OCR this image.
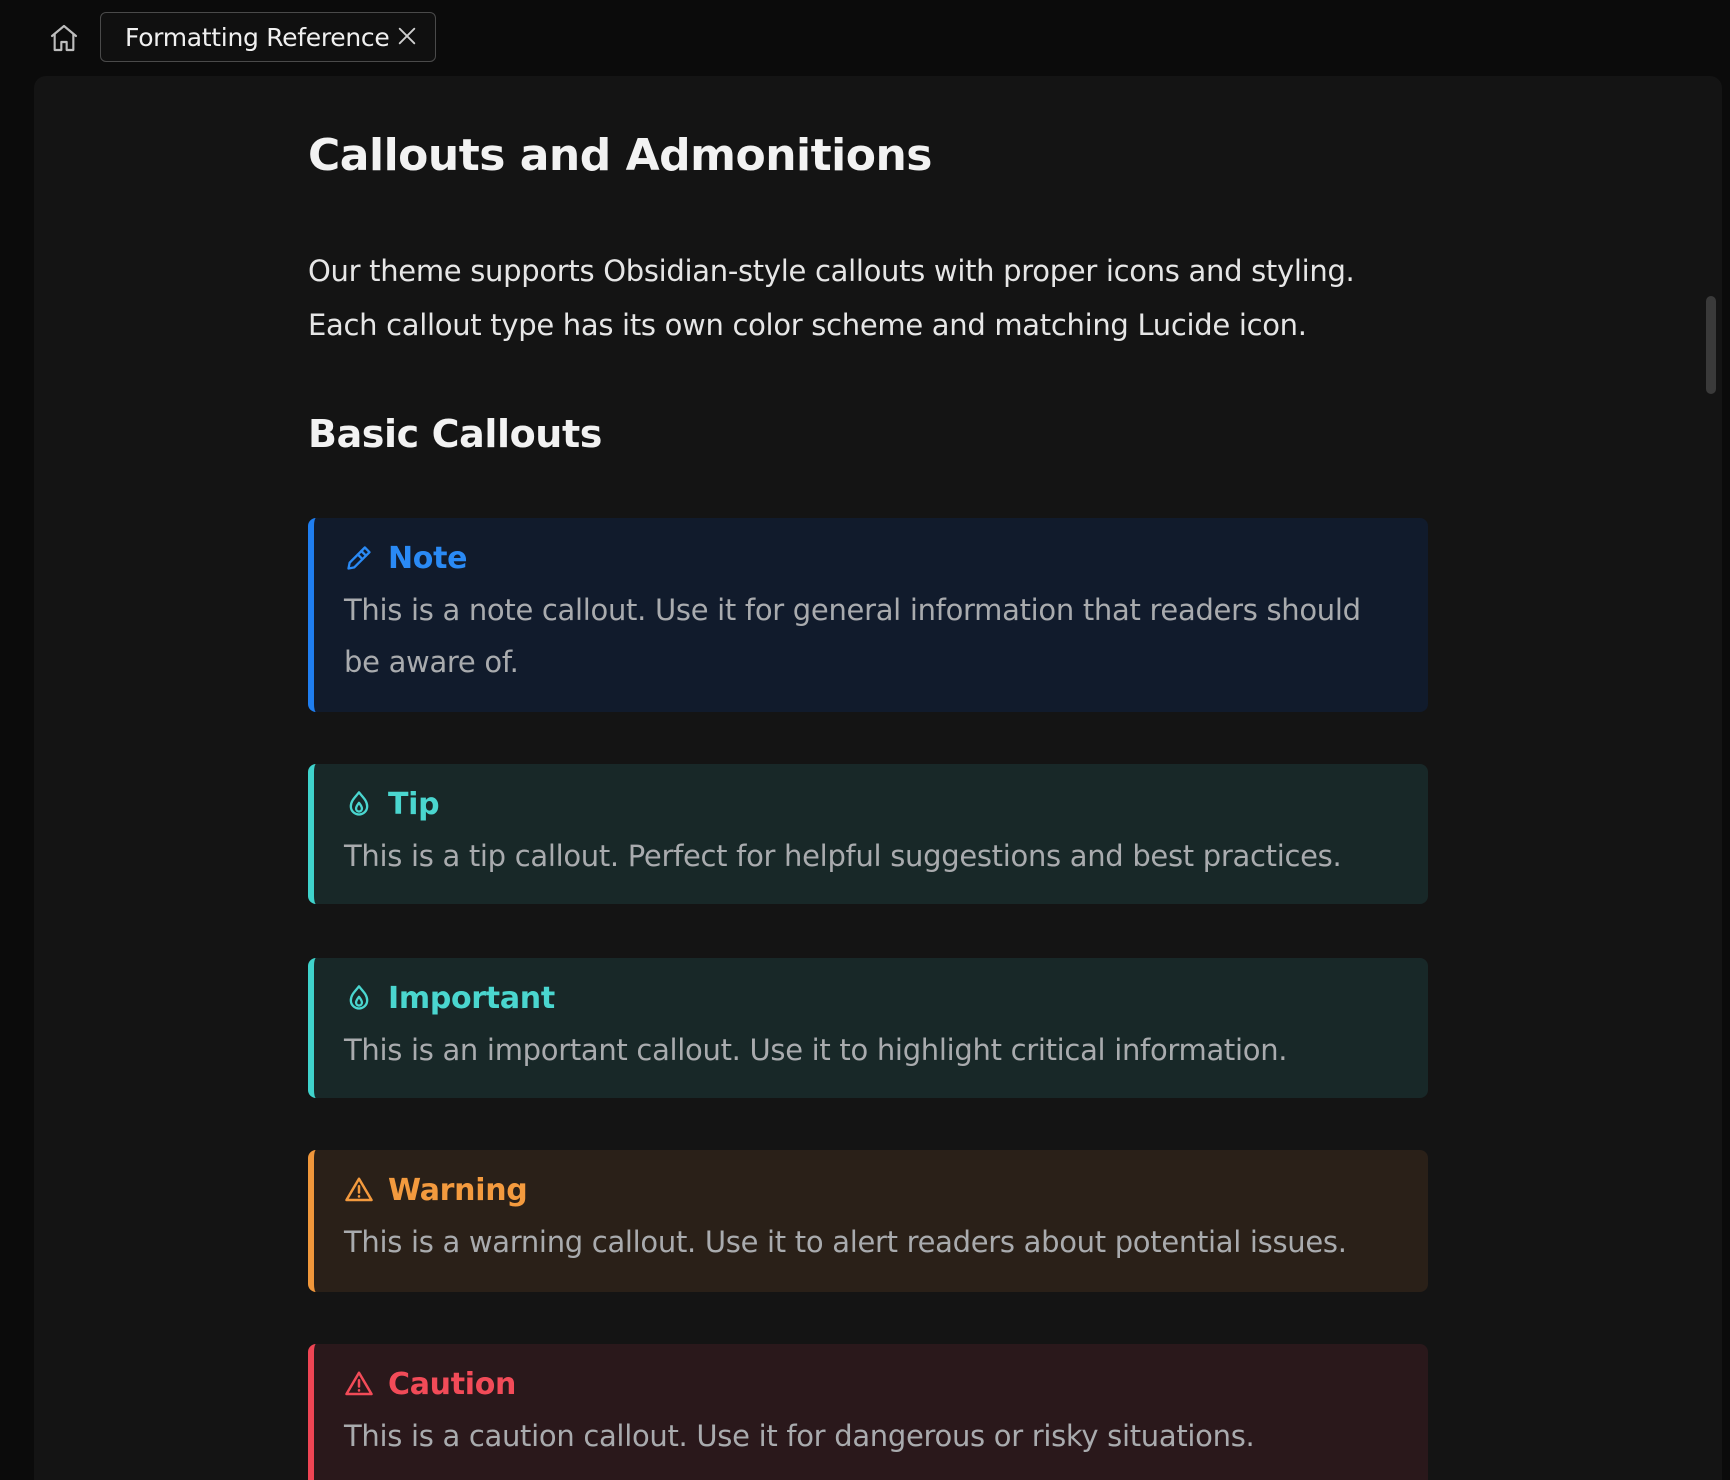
Formatting Reference
Callouts and Admonitions

Our theme supports Obsidian-style callouts with proper icons and styling. Each callout type has its own color scheme and matching Lucide icon.

Basic Callouts
Note
This is a note callout. Use it for general information that readers should be aware of.
Tip
This is a tip callout. Perfect for helpful suggestions and best practices.
Important
This is an important callout. Use it to highlight critical information.
Warning
This is a warning callout. Use it to alert readers about potential issues.
Caution
This is a caution callout. Use it for dangerous or risky situations.
